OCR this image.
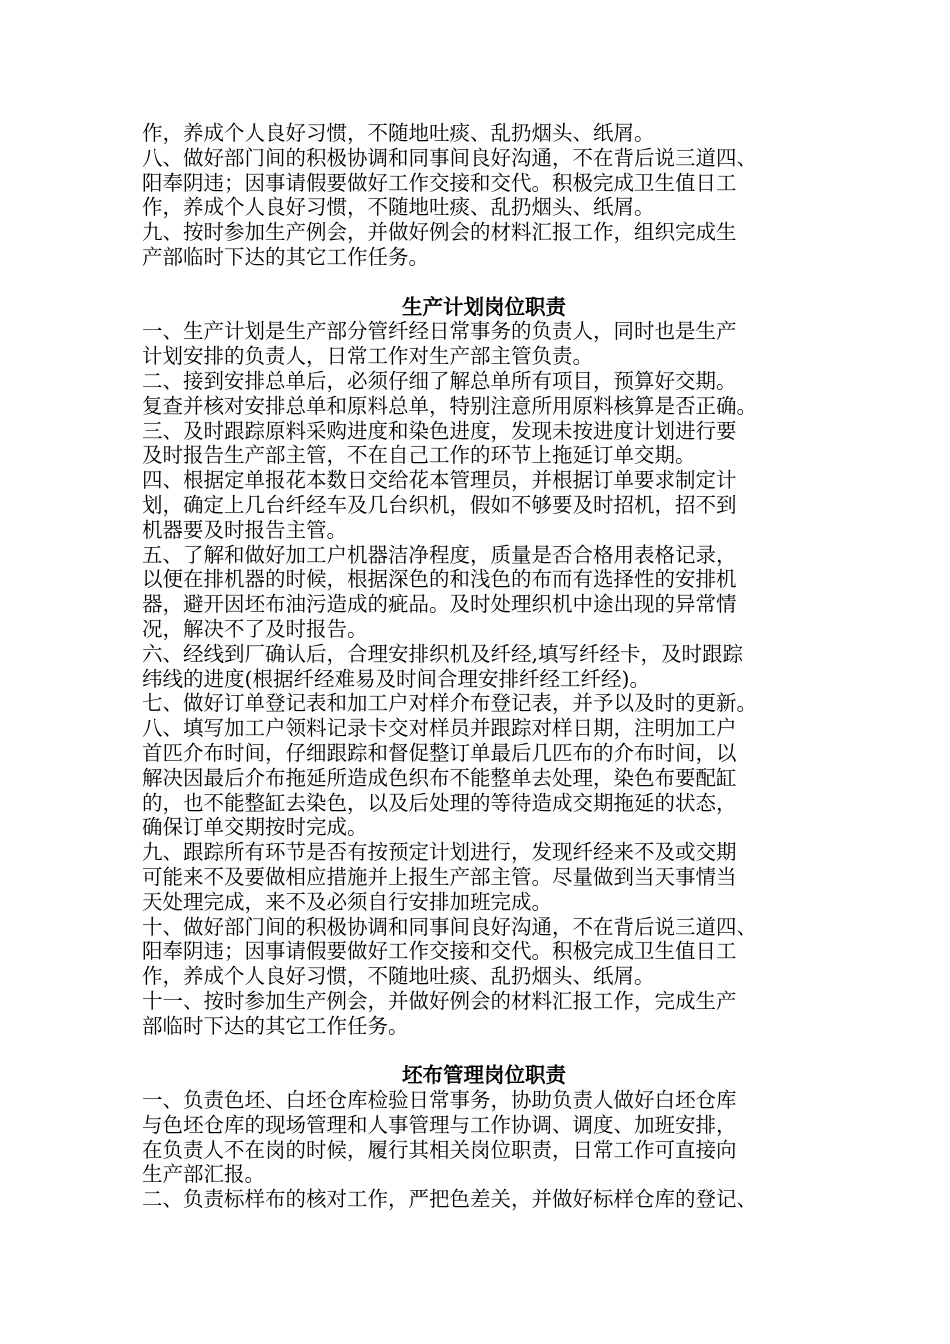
作，养成个人良好习惯，不随地吐痰、乱扔烟头、纸屑。
八、做好部门间的积极协调和同事间良好沟通，不在背后说三道四、
阳奉阴违；因事请假要做好工作交接和交代。积极完成卫生值日工
作，养成个人良好习惯，不随地吐痰、乱扔烟头、纸屑。
九、按时参加生产例会，并做好例会的材料汇报工作，组织完成生
产部临时下达的其它工作任务。
生产计划岗位职责
一、生产计划是生产部分管纤经日常事务的负责人，同时也是生产
计划安排的负责人，日常工作对生产部主管负责。
二、接到安排总单后，必须仔细了解总单所有项目，预算好交期。
复查并核对安排总单和原料总单，特别注意所用原料核算是否正确。
三、及时跟踪原料采购进度和染色进度，发现未按进度计划进行要
及时报告生产部主管，不在自己工作的环节上拖延订单交期。
四、根据定单报花本数日交给花本管理员，并根据订单要求制定计
划，确定上几台纤经车及几台织机，假如不够要及时招机，招不到
机器要及时报告主管。
五、了解和做好加工户机器洁净程度，质量是否合格用表格记录，
以便在排机器的时候，根据深色的和浅色的布而有选择性的安排机
器，避开因坯布油污造成的疵品。及时处理织机中途出现的异常情
况，解决不了及时报告。
六、经线到厂确认后，合理安排织机及纤经,填写纤经卡，及时跟踪
纬线的进度(根据纤经难易及时间合理安排纤经工纤经)。
七、做好订单登记表和加工户对样介布登记表，并予以及时的更新。
八、填写加工户领料记录卡交对样员并跟踪对样日期，注明加工户
首匹介布时间，仔细跟踪和督促整订单最后几匹布的介布时间，以
解决因最后介布拖延所造成色织布不能整单去处理，染色布要配缸
的，也不能整缸去染色，以及后处理的等待造成交期拖延的状态，
确保订单交期按时完成。
九、跟踪所有环节是否有按预定计划进行，发现纤经来不及或交期
可能来不及要做相应措施并上报生产部主管。尽量做到当天事情当
天处理完成，来不及必须自行安排加班完成。
十、做好部门间的积极协调和同事间良好沟通，不在背后说三道四、
阳奉阴违；因事请假要做好工作交接和交代。积极完成卫生值日工
作，养成个人良好习惯，不随地吐痰、乱扔烟头、纸屑。
十一、按时参加生产例会，并做好例会的材料汇报工作，完成生产
部临时下达的其它工作任务。
坯布管理岗位职责
一、负责色坯、白坯仓库检验日常事务，协助负责人做好白坯仓库
与色坯仓库的现场管理和人事管理与工作协调、调度、加班安排，
在负责人不在岗的时候，履行其相关岗位职责，日常工作可直接向
生产部汇报。
二、负责标样布的核对工作，严把色差关，并做好标样仓库的登记、
